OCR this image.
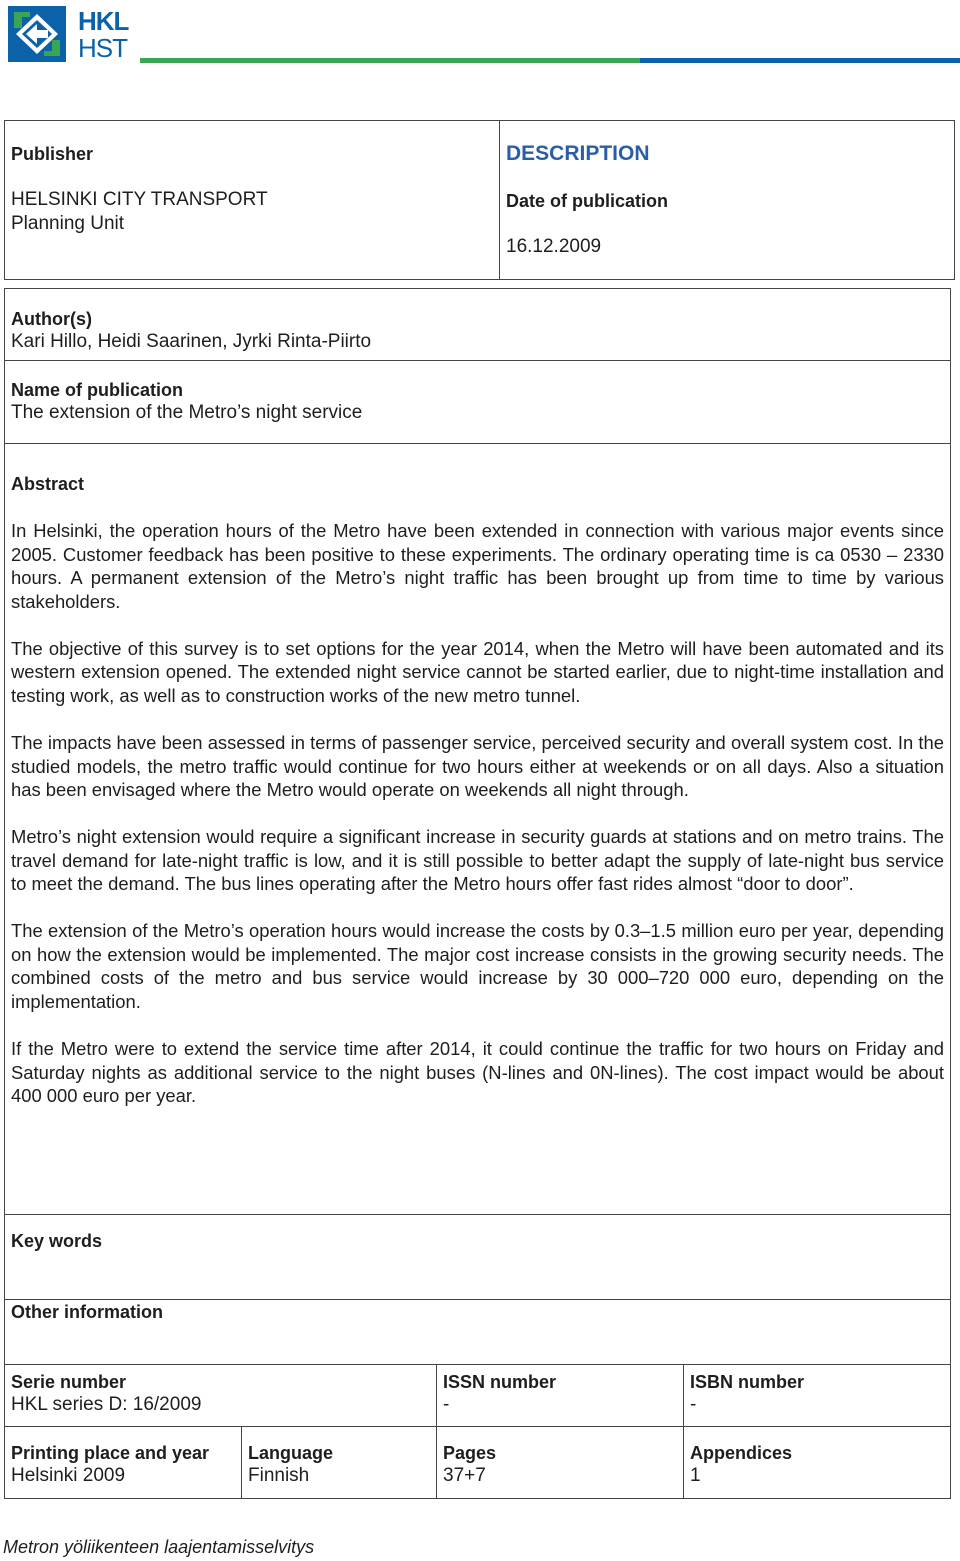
HKL
HST
Publisher
HELSINKI CITY TRANSPORT
Planning Unit
DESCRIPTION
Date of publication
16.12.2009
Author(s)
Kari Hillo, Heidi Saarinen, Jyrki Rinta-Piirto
Name of publication
The extension of the Metro’s night service
Abstract

In Helsinki, the operation hours of the Metro have been extended in connection with various major events since 2005. Customer feedback has been positive to these experiments. The ordinary operating time is ca 0530 – 2330 hours. A permanent extension of the Metro’s night traffic has been brought up from time to time by various stakeholders.

The objective of this survey is to set options for the year 2014, when the Metro will have been automated and its western extension opened. The extended night service cannot be started earlier, due to night-time installation and testing work, as well as to construction works of the new metro tunnel.

The impacts have been assessed in terms of passenger service, perceived security and overall system cost. In the studied models, the metro traffic would continue for two hours either at weekends or on all days. Also a situation has been envisaged where the Metro would operate on weekends all night through.

Metro’s night extension would require a significant increase in security guards at stations and on metro trains. The travel demand for late-night traffic is low, and it is still possible to better adapt the supply of late-night bus service to meet the demand. The bus lines operating after the Metro hours offer fast rides almost “door to door”.

The extension of the Metro’s operation hours would increase the costs by 0.3–1.5 million euro per year, depending on how the extension would be implemented. The major cost increase consists in the growing security needs. The combined costs of the metro and bus service would increase by 30 000–720 000 euro, depending on the implementation.

If the Metro were to extend the service time after 2014, it could continue the traffic for two hours on Friday and Saturday nights as additional service to the night buses (N-lines and 0N-lines). The cost impact would be about 400 000 euro per year.

Key words
Other information
Serie number
HKL series D: 16/2009
ISSN number
-
ISBN number
-
Printing place and year
Helsinki 2009
Language
Finnish
Pages
37+7
Appendices
1
Metron yöliikenteen laajentamisselvitys
